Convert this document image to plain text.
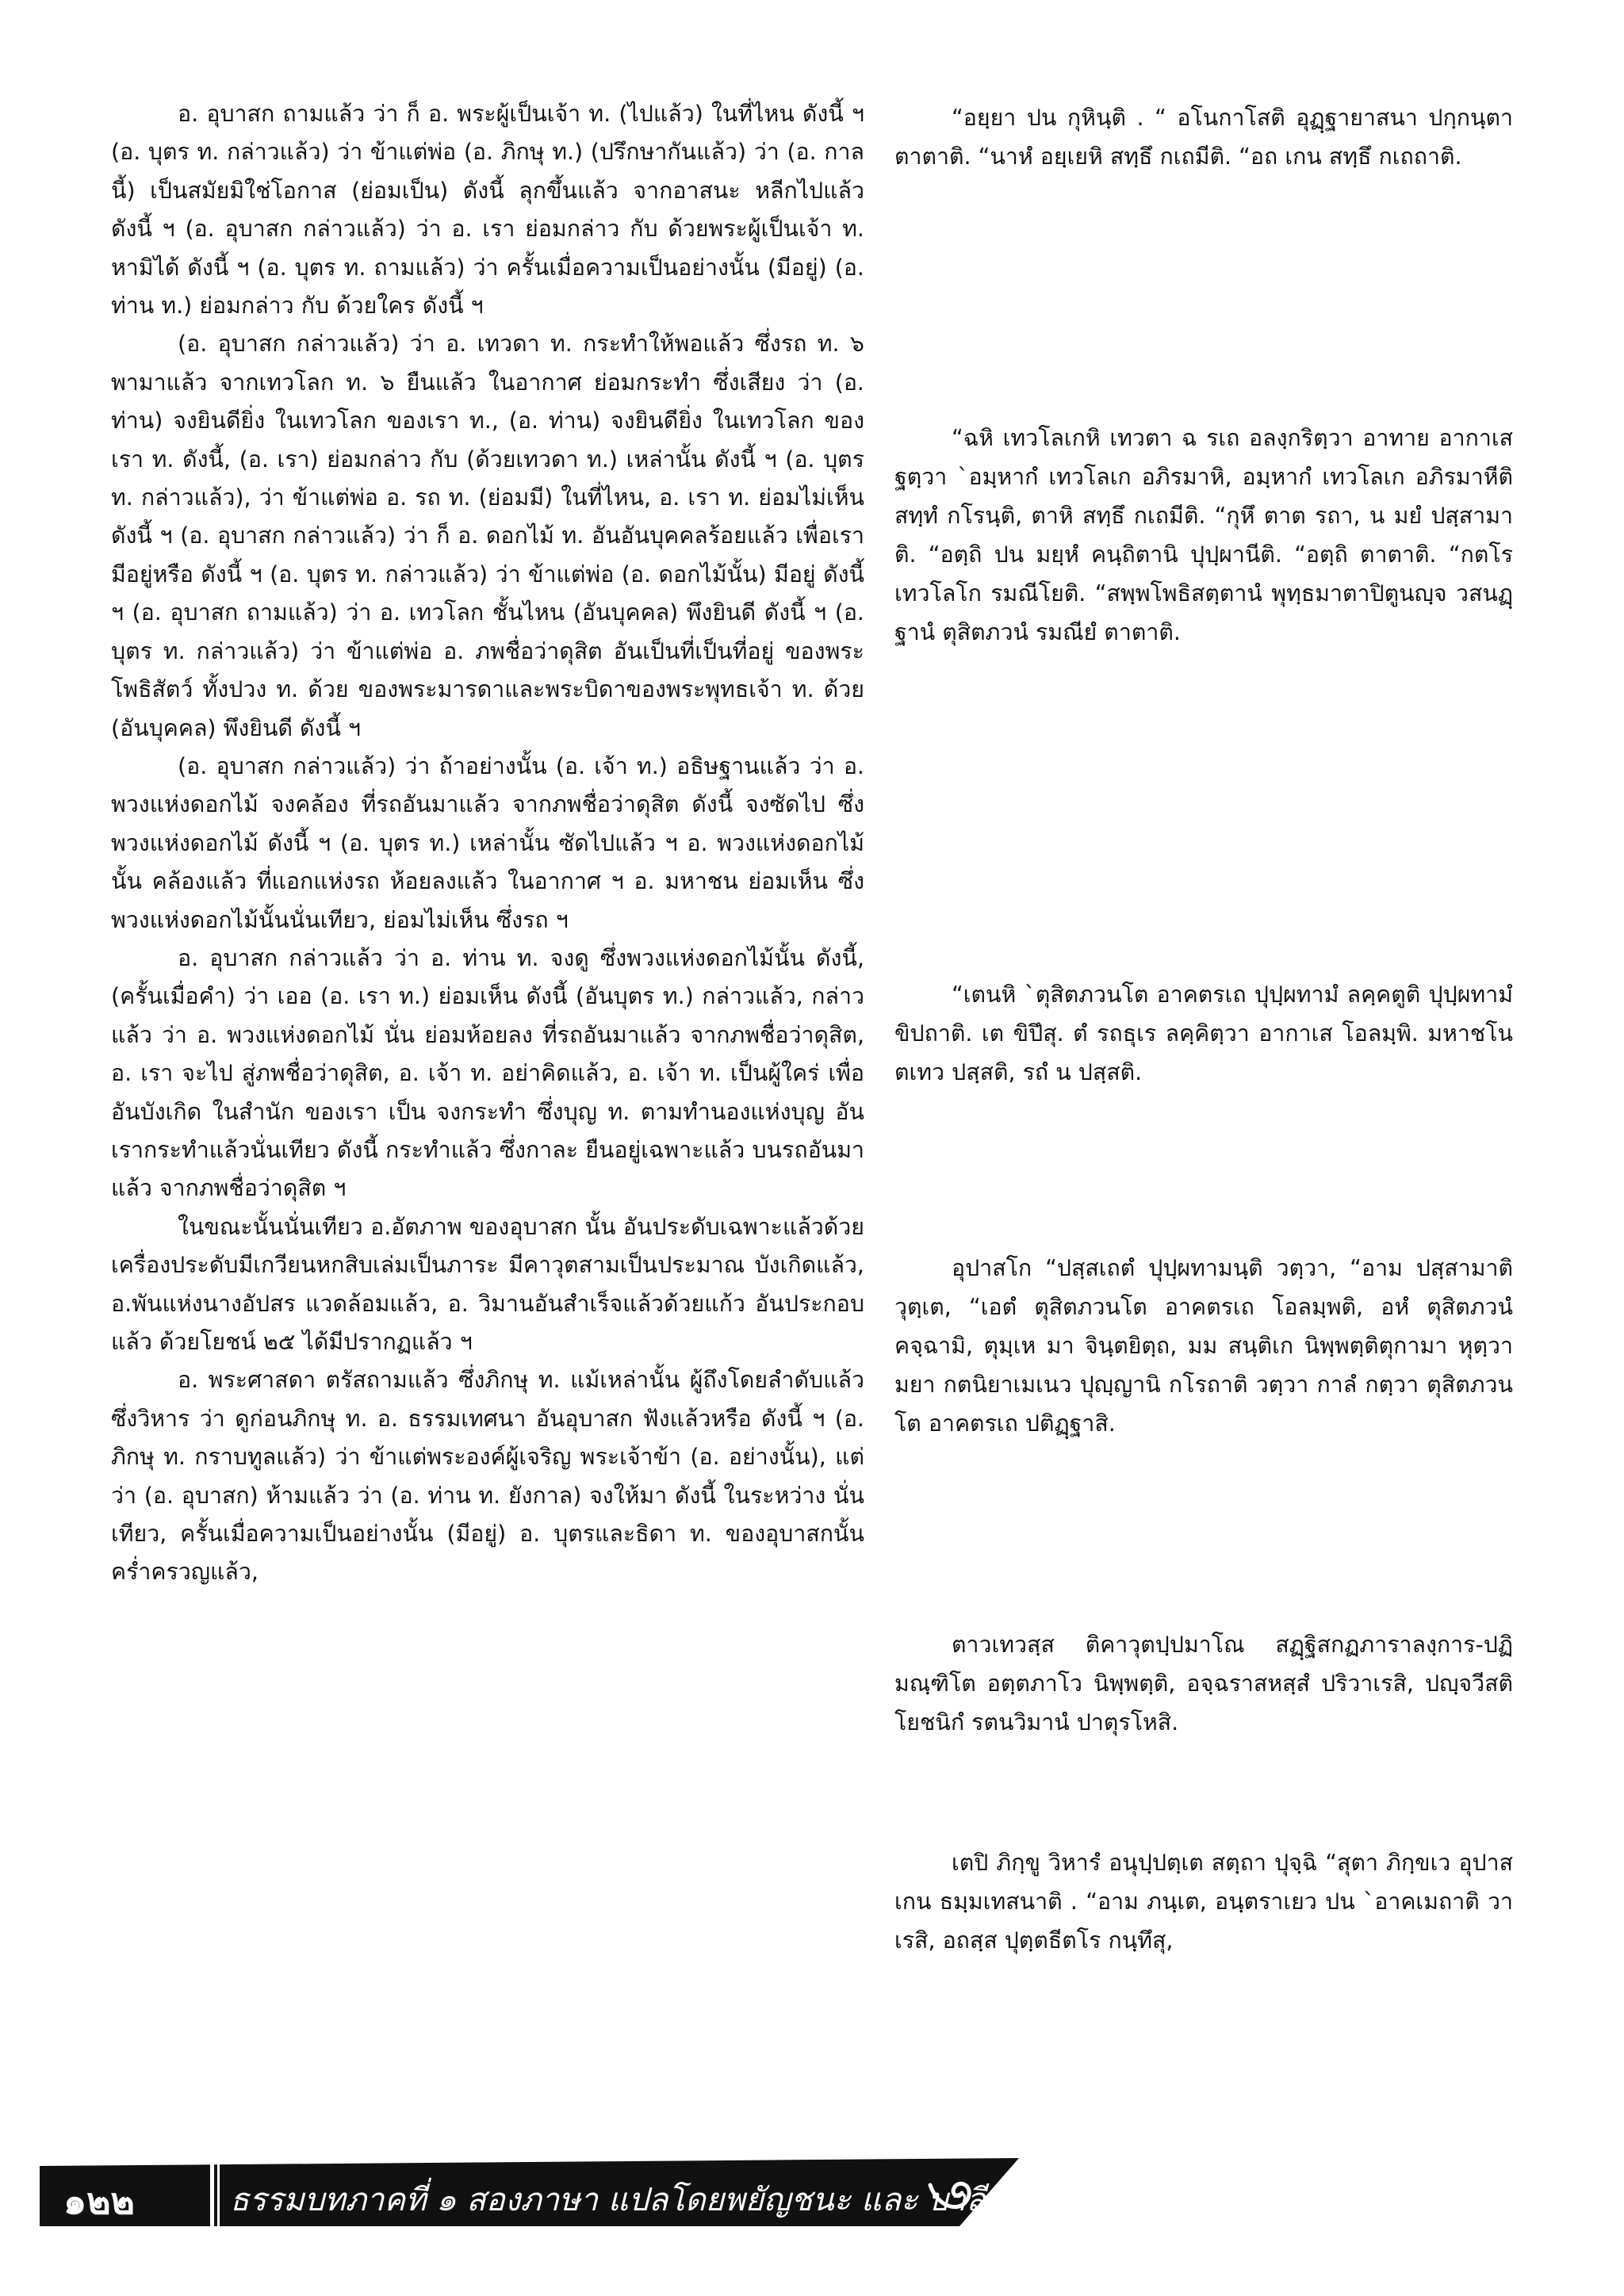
อ. อุบาสก ถามแล้ว ว่า ก็ อ. พระผู้เป็นเจ้า ท. (ไปแล้ว) ในที่ไหน ดังนี้ ฯ (อ. บุตร ท. กล่าวแล้ว) ว่า ข้าแต่พ่อ (อ. ภิกษุ ท.) (ปรึกษากันแล้ว) ว่า (อ. กาลนี้) เป็นสมัยมิใช่โอกาส (ย่อมเป็น) ดังนี้ ลุกขึ้นแล้ว จากอาสนะ หลีกไปแล้ว ดังนี้ ฯ (อ. อุบาสก กล่าวแล้ว) ว่า อ. เรา ย่อมกล่าว กับ ด้วยพระผู้เป็นเจ้า ท. หามิได้ ดังนี้ ฯ (อ. บุตร ท. ถามแล้ว) ว่า ครั้นเมื่อความเป็นอย่างนั้น (มีอยู่) (อ. ท่าน ท.) ย่อมกล่าว กับ ด้วยใคร ดังนี้ ฯ

(อ. อุบาสก กล่าวแล้ว) ว่า อ. เทวดา ท. กระทำให้พอแล้ว ซึ่งรถ ท. ๖ พามาแล้ว จากเทวโลก ท. ๖ ยืนแล้ว ในอากาศ ย่อมกระทำ ซึ่งเสียง ว่า (อ. ท่าน) จงยินดียิ่ง ในเทวโลก ของเรา ท., (อ. ท่าน) จงยินดียิ่ง ในเทวโลก ของเรา ท. ดังนี้, (อ. เรา) ย่อมกล่าว กับ (ด้วยเทวดา ท.) เหล่านั้น ดังนี้ ฯ (อ. บุตร ท. กล่าวแล้ว), ว่า ข้าแต่พ่อ อ. รถ ท. (ย่อมมี) ในที่ไหน, อ. เรา ท. ย่อมไม่เห็น ดังนี้ ฯ (อ. อุบาสก กล่าวแล้ว) ว่า ก็ อ. ดอกไม้ ท. อันอันบุคคลร้อยแล้ว เพื่อเรา มีอยู่หรือ ดังนี้ ฯ (อ. บุตร ท. กล่าวแล้ว) ว่า ข้าแต่พ่อ (อ. ดอกไม้นั้น) มีอยู่ ดังนี้ ฯ (อ. อุบาสก ถามแล้ว) ว่า อ. เทวโลก ชั้นไหน (อันบุคคล) พึงยินดี ดังนี้ ฯ (อ. บุตร ท. กล่าวแล้ว) ว่า ข้าแต่พ่อ อ. ภพชื่อว่าดุสิต อันเป็นที่เป็นที่อยู่ ของพระโพธิสัตว์ ทั้งปวง ท. ด้วย ของพระมารดาและพระบิดาของพระพุทธเจ้า ท. ด้วย (อันบุคคล) พึงยินดี ดังนี้ ฯ

(อ. อุบาสก กล่าวแล้ว) ว่า ถ้าอย่างนั้น (อ. เจ้า ท.) อธิษฐานแล้ว ว่า อ. พวงแห่งดอกไม้ จงคล้อง ที่รถอันมาแล้ว จากภพชื่อว่าดุสิต ดังนี้ จงซัดไป ซึ่งพวงแห่งดอกไม้ ดังนี้ ฯ (อ. บุตร ท.) เหล่านั้น ซัดไปแล้ว ฯ อ. พวงแห่งดอกไม้นั้น คล้องแล้ว ที่แอกแห่งรถ ห้อยลงแล้ว ในอากาศ ฯ อ. มหาชน ย่อมเห็น ซึ่งพวงแห่งดอกไม้นั้นนั่นเทียว, ย่อมไม่เห็น ซึ่งรถ ฯ

อ. อุบาสก กล่าวแล้ว ว่า อ. ท่าน ท. จงดู ซึ่งพวงแห่งดอกไม้นั้น ดังนี้, (ครั้นเมื่อคำ) ว่า เออ (อ. เรา ท.) ย่อมเห็น ดังนี้ (อันบุตร ท.) กล่าวแล้ว, กล่าวแล้ว ว่า อ. พวงแห่งดอกไม้ นั่น ย่อมห้อยลง ที่รถอันมาแล้ว จากภพชื่อว่าดุสิต, อ. เรา จะไป สู่ภพชื่อว่าดุสิต, อ. เจ้า ท. อย่าคิดแล้ว, อ. เจ้า ท. เป็นผู้ใคร่ เพื่ออันบังเกิด ในสำนัก ของเรา เป็น จงกระทำ ซึ่งบุญ ท. ตามทำนองแห่งบุญ อันเรากระทำแล้วนั่นเทียว ดังนี้ กระทำแล้ว ซึ่งกาละ ยืนอยู่เฉพาะแล้ว บนรถอันมาแล้ว จากภพชื่อว่าดุสิต ฯ

ในขณะนั้นนั่นเทียว อ.อัตภาพ ของอุบาสก นั้น อันประดับเฉพาะแล้วด้วยเครื่องประดับมีเกวียนหกสิบเล่มเป็นภาระ มีคาวุตสามเป็นประมาณ บังเกิดแล้ว, อ.พันแห่งนางอัปสร แวดล้อมแล้ว, อ. วิมานอันสำเร็จแล้วด้วยแก้ว อันประกอบแล้ว ด้วยโยชน์ ๒๕ ได้มีปรากฏแล้ว ฯ

อ. พระศาสดา ตรัสถามแล้ว ซึ่งภิกษุ ท. แม้เหล่านั้น ผู้ถึงโดยลำดับแล้ว ซึ่งวิหาร ว่า ดูก่อนภิกษุ ท. อ. ธรรมเทศนา อันอุบาสก ฟังแล้วหรือ ดังนี้ ฯ (อ. ภิกษุ ท. กราบทูลแล้ว) ว่า ข้าแต่พระองค์ผู้เจริญ พระเจ้าข้า (อ. อย่างนั้น), แต่ว่า (อ. อุบาสก) ห้ามแล้ว ว่า (อ. ท่าน ท. ยังกาล) จงให้มา ดังนี้ ในระหว่าง นั่นเทียว, ครั้นเมื่อความเป็นอย่างนั้น (มีอยู่) อ. บุตรและธิดา ท. ของอุบาสกนั้น คร่ำครวญแล้ว,

“อยฺยา ปน กุหินฺติ . “ อโนกาโสติ อุฏฺฐายาสนา ปกฺกนฺตา ตาตาติ. “นาหํ อยฺเยหิ สทฺธึ กเถมีติ. “อถ เกน สทฺธึ กเถถาติ.

“ฉหิ เทวโลเกหิ เทวตา ฉ รเถ อลงฺกริตฺวา อาทาย อากาเส ฐตฺวา `อมฺหากํ เทวโลเก อภิรมาหิ, อมฺหากํ เทวโลเก อภิรมาหีติ สทฺทํ กโรนฺติ, ตาหิ สทฺธึ กเถมีติ. “กุหึ ตาต รถา, น มยํ ปสฺสามาติ. “อตฺถิ ปน มยฺหํ คนฺถิตานิ ปุปฺผานีติ. “อตฺถิ ตาตาติ. “กตโร เทวโลโก รมณีโยติ. “สพฺพโพธิสตฺตานํ พุทฺธมาตาปิตูนญฺจ วสนฏฺฐานํ ตุสิตภวนํ รมณียํ ตาตาติ.

“เตนหิ `ตุสิตภวนโต อาคตรเถ ปุปฺผทามํ ลคฺคตูติ ปุปฺผทามํ ขิปถาติ. เต ขิปึสุ. ตํ รถธุเร ลคฺคิตฺวา อากาเส โอลมฺพิ. มหาชโน ตเทว ปสฺสติ, รถํ น ปสฺสติ.

อุปาสโก “ปสฺสเถตํ ปุปฺผทามนฺติ วตฺวา, “อาม ปสฺสามาติ วุตฺเต, “เอตํ ตุสิตภวนโต อาคตรเถ โอลมฺพติ, อหํ ตุสิตภวนํ คจฺฉามิ, ตุมฺเห มา จินฺตยิตฺถ, มม สนฺติเก นิพฺพตฺติตุกามา หุตฺวา มยา กตนิยาเมเนว ปุญฺญานิ กโรถาติ วตฺวา กาลํ กตฺวา ตุสิตภวนโต อาคตรเถ ปติฏฺฐาสิ.

ตาวเทวสฺส ติคาวุตปฺปมาโณ สฏฺฐิสกฏภาราลงฺการ-ปฏิมณฺฑิโต อตฺตภาโว นิพฺพตฺติ, อจฺฉราสหสฺสํ ปริวาเรสิ, ปญฺจวีสติโยชนิกํ รตนวิมานํ ปาตุรโหสิ.

เตปิ ภิกฺขู วิหารํ อนุปฺปตฺเต สตฺถา ปุจฺฉิ “สุตา ภิกฺขเว อุปาสเกน ธมฺมเทสนาติ . “อาม ภนฺเต, อนฺตราเยว ปน `อาคเมถาติ วาเรสิ, อถสฺส ปุตฺตธีตโร กนฺทึสุ,

๑๒๒	ธรรมบทภาคที่ ๑ สองภาษา แปลโดยพยัญชนะ และ บาลี
